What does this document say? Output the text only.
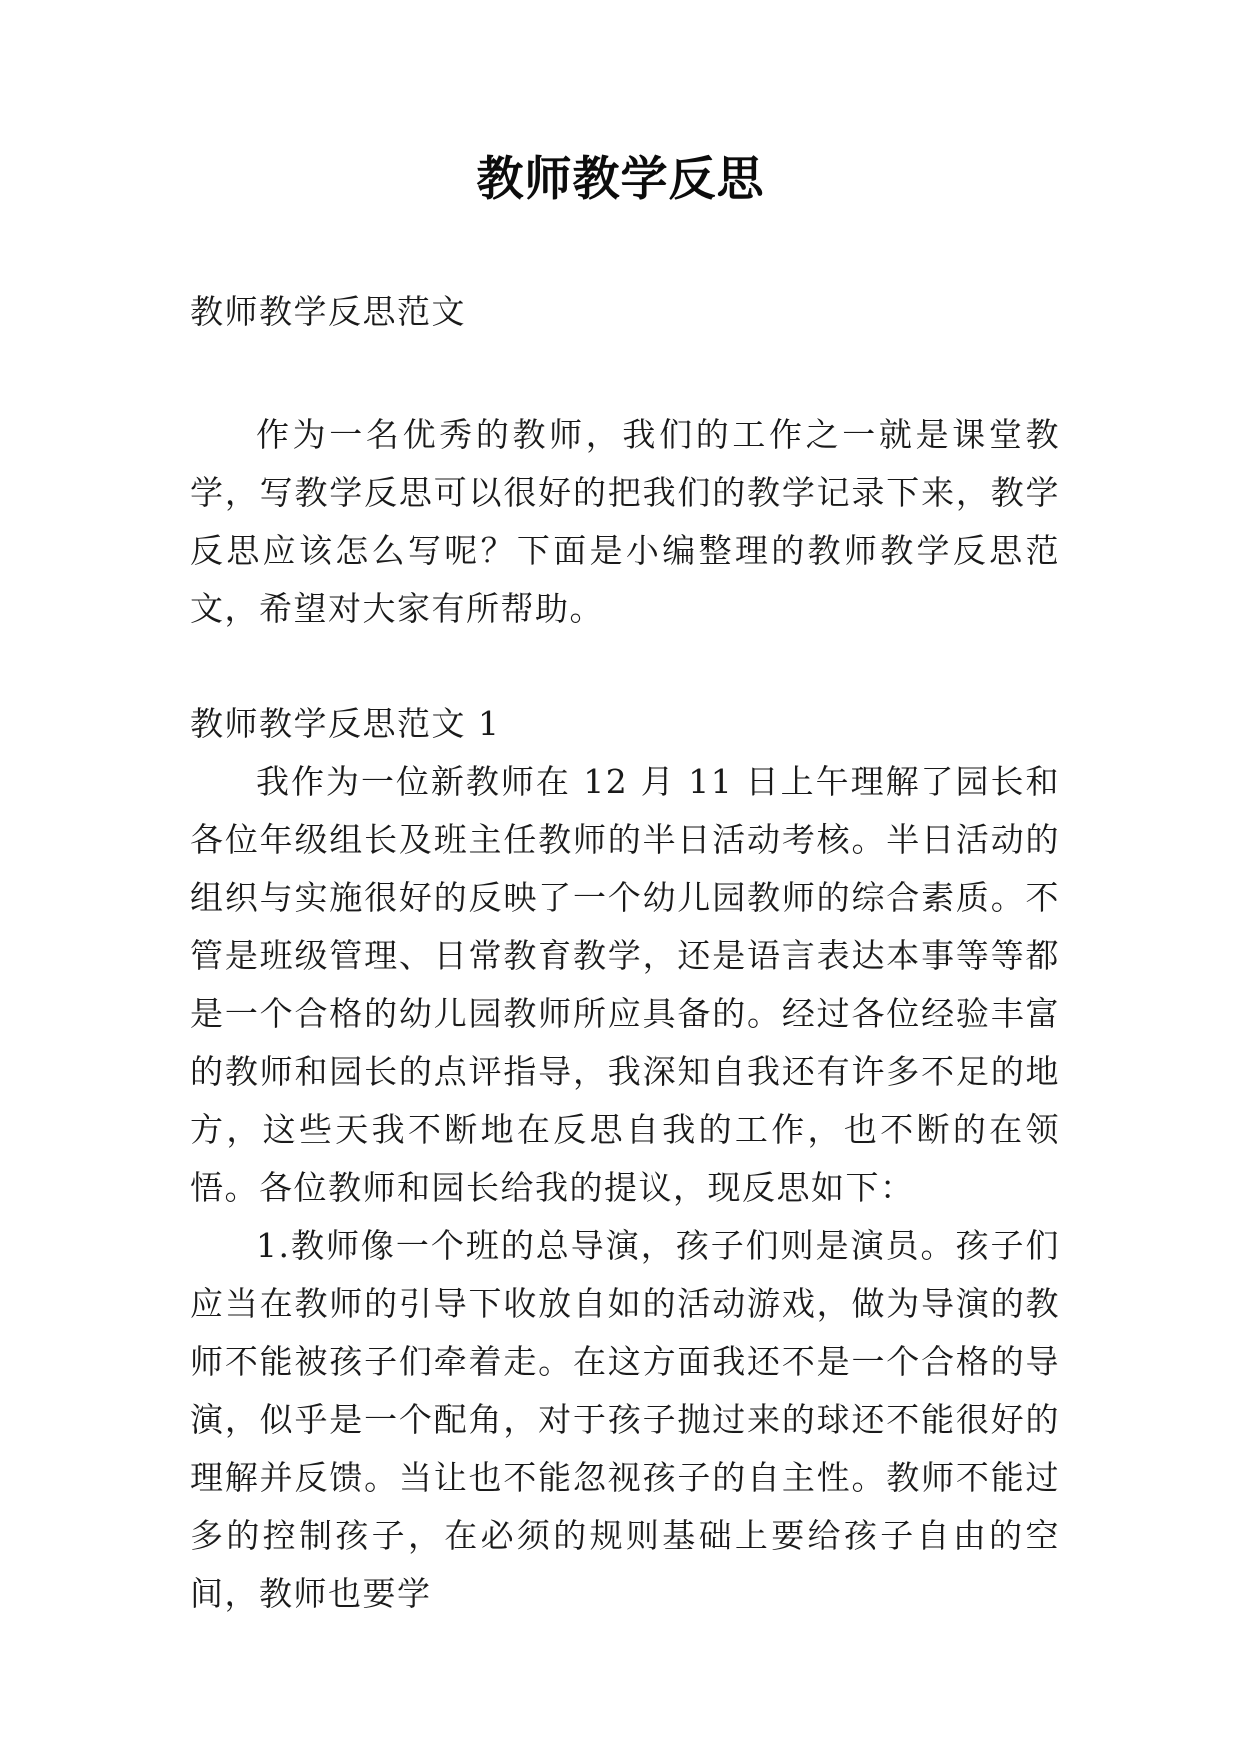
教师教学反思
教师教学反思范文
作为一名优秀的教师，我们的工作之一就是课堂教学，写教学反思可以很好的把我们的教学记录下来，教学反思应该怎么写呢？下面是小编整理的教师教学反思范文，希望对大家有所帮助。
教师教学反思范文 1
我作为一位新教师在 12 月 11 日上午理解了园长和各位年级组长及班主任教师的半日活动考核。半日活动的组织与实施很好的反映了一个幼儿园教师的综合素质。不管是班级管理、日常教育教学，还是语言表达本事等等都是一个合格的幼儿园教师所应具备的。经过各位经验丰富的教师和园长的点评指导，我深知自我还有许多不足的地方，这些天我不断地在反思自我的工作，也不断的在领悟。各位教师和园长给我的提议，现反思如下：
1.教师像一个班的总导演，孩子们则是演员。孩子们应当在教师的引导下收放自如的活动游戏，做为导演的教师不能被孩子们牵着走。在这方面我还不是一个合格的导演，似乎是一个配角，对于孩子抛过来的球还不能很好的理解并反馈。当让也不能忽视孩子的自主性。教师不能过多的控制孩子，在必须的规则基础上要给孩子自由的空间，教师也要学
